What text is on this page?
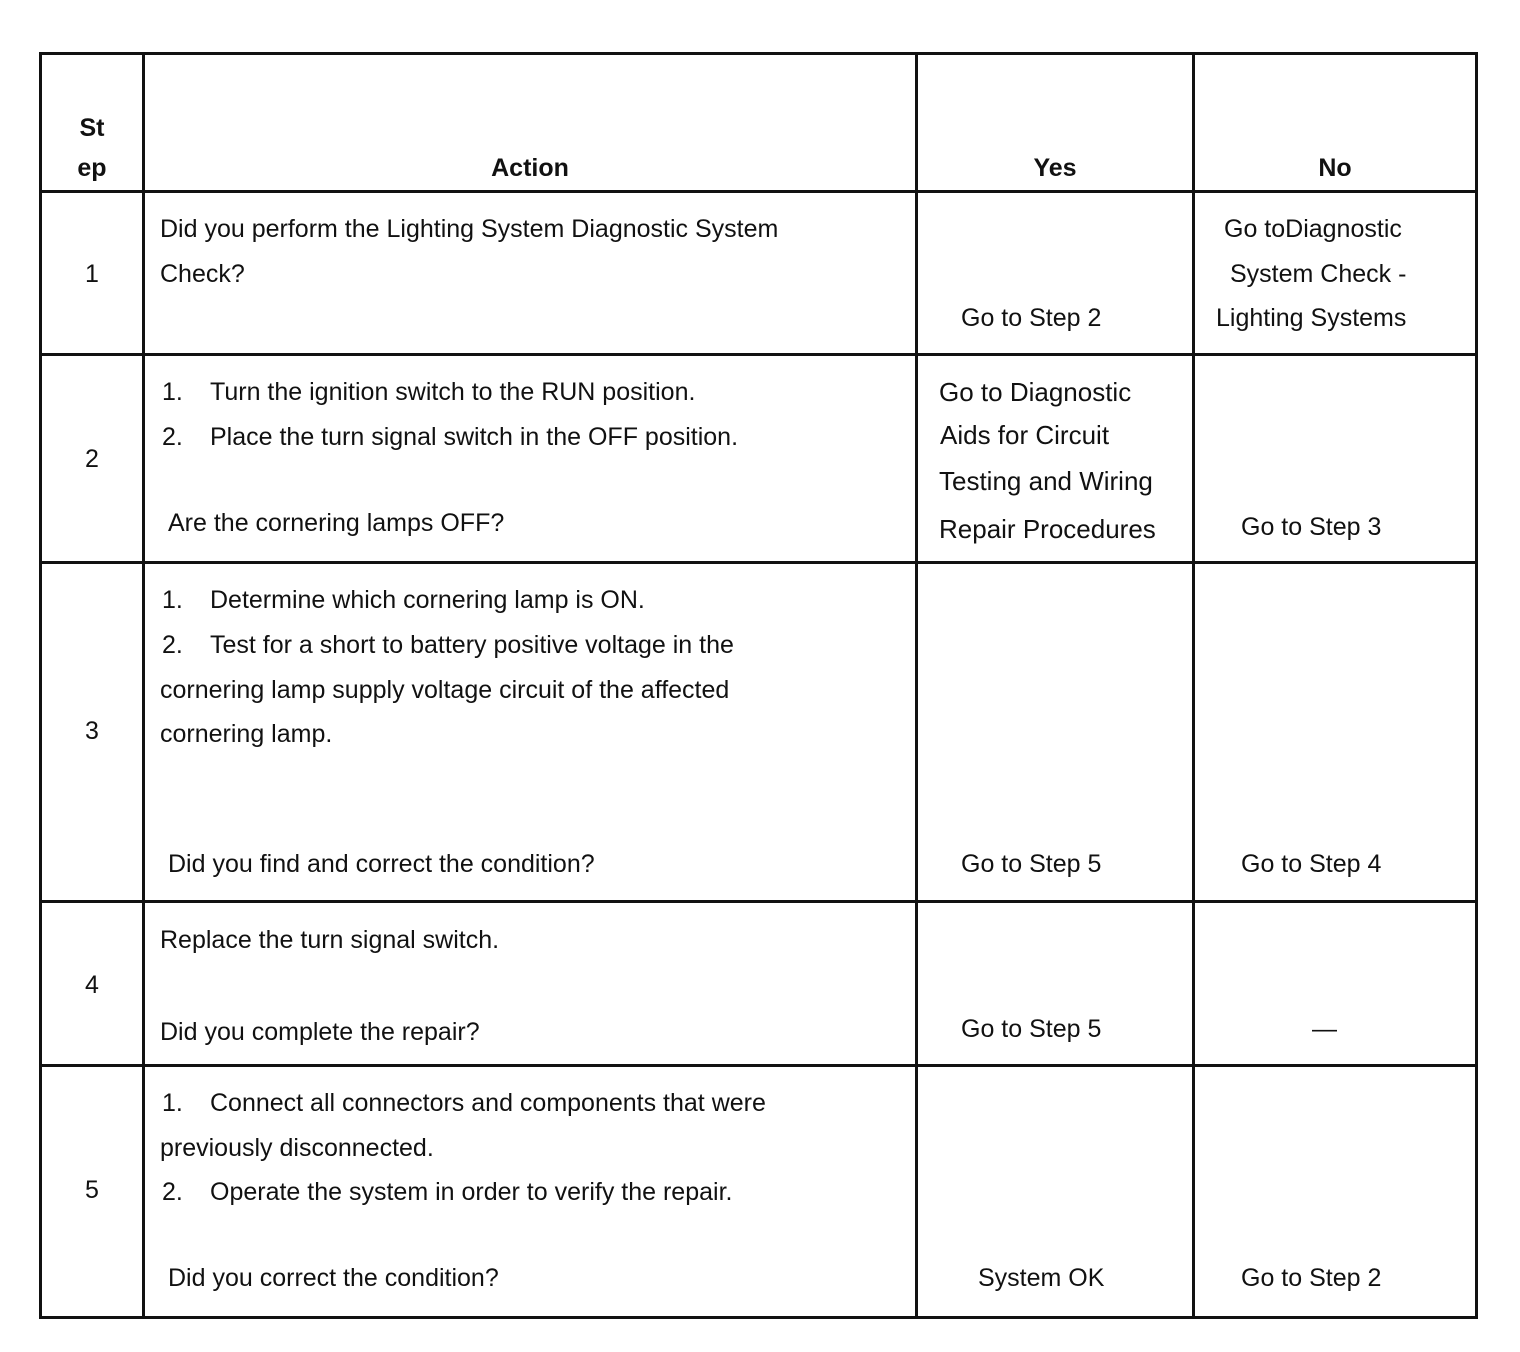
St
ep	Action	Yes	No

1	Did you perform the Lighting System Diagnostic System
Check?	Go to Step 2	Go toDiagnostic
System Check -
Lighting Systems

2	1. Turn the ignition switch to the RUN position.
2. Place the turn signal switch in the OFF position.
Are the cornering lamps OFF?	Go to Diagnostic
Aids for Circuit
Testing and Wiring
Repair Procedures	Go to Step 3

3	1. Determine which cornering lamp is ON.
2. Test for a short to battery positive voltage in the
cornering lamp supply voltage circuit of the affected
cornering lamp.
Did you find and correct the condition?	Go to Step 5	Go to Step 4

4	Replace the turn signal switch.
Did you complete the repair?	Go to Step 5	—

5	1. Connect all connectors and components that were
previously disconnected.
2. Operate the system in order to verify the repair.
Did you correct the condition?	System OK	Go to Step 2
